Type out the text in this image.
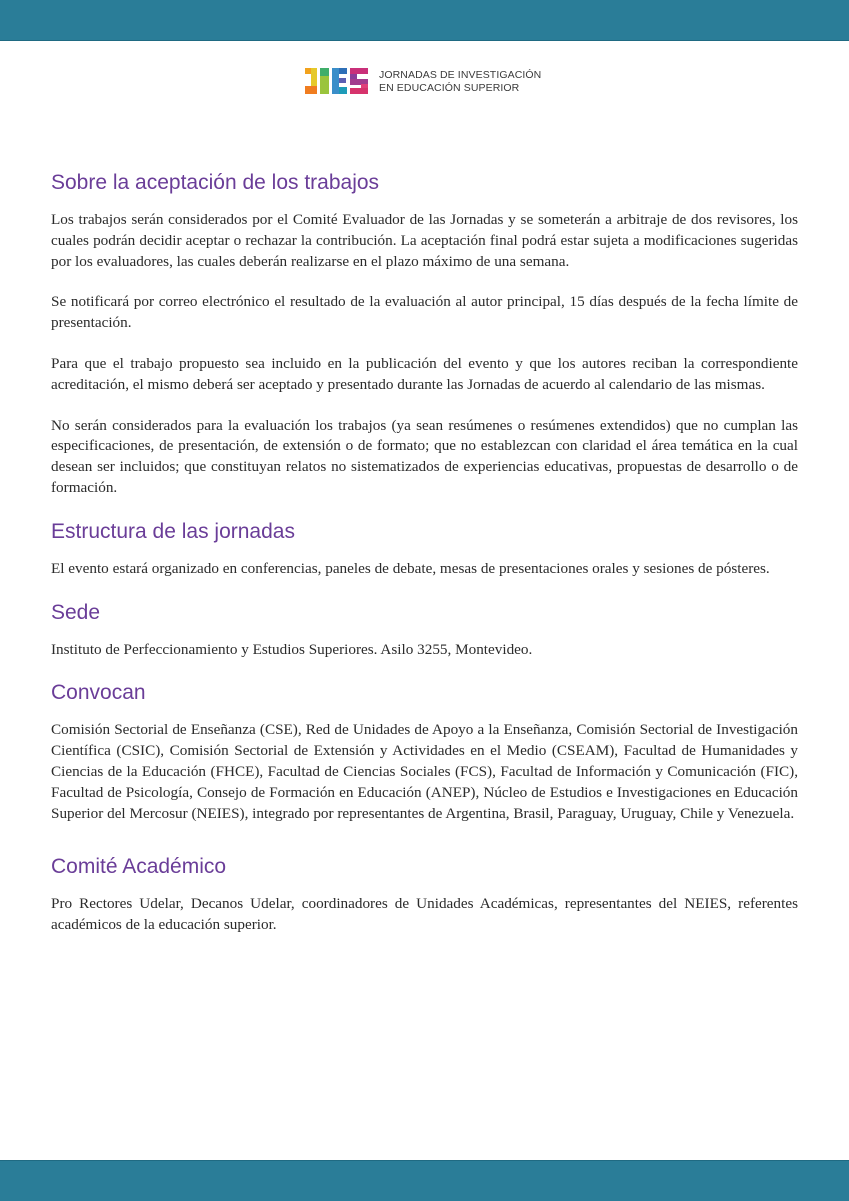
JORNADAS DE INVESTIGACIÓN
EN EDUCACIÓN SUPERIOR
Sobre la aceptación de los trabajos

Los trabajos serán considerados por el Comité Evaluador de las Jornadas y se someterán a arbitraje de dos revisores, los cuales podrán decidir aceptar o rechazar la contribución. La aceptación final podrá estar sujeta a modificaciones sugeridas por los evaluadores, las cuales deberán realizarse en el plazo máximo de una semana.

Se notificará por correo electrónico el resultado de la evaluación al autor principal, 15 días después de la fecha límite de presentación.

Para que el trabajo propuesto sea incluido en la publicación del evento y que los autores reciban la correspondiente acreditación, el mismo deberá ser aceptado y presentado durante las Jornadas de acuerdo al calendario de las mismas.

No serán considerados para la evaluación los trabajos (ya sean resúmenes o resúmenes extendidos) que no cumplan las especificaciones, de presentación, de extensión o de formato; que no establezcan con claridad el área temática en la cual desean ser incluidos; que constituyan relatos no sistematizados de experiencias educativas, propuestas de desarrollo o de formación.

Estructura de las jornadas

El evento estará organizado en conferencias, paneles de debate, mesas de presentaciones orales y sesiones de pósteres.

Sede

Instituto de Perfeccionamiento y Estudios Superiores. Asilo 3255, Montevideo.

Convocan

Comisión Sectorial de Enseñanza (CSE), Red de Unidades de Apoyo a la Enseñanza, Comisión Sectorial de Investigación Científica (CSIC), Comisión Sectorial de Extensión y Actividades en el Medio (CSEAM), Facultad de Humanidades y Ciencias de la Educación (FHCE), Facultad de Ciencias Sociales (FCS), Facultad de Información y Comunicación (FIC), Facultad de Psicología, Consejo de Formación en Educación (ANEP), Núcleo de Estudios e Investigaciones en Educación Superior del Mercosur (NEIES), integrado por representantes de Argentina, Brasil, Paraguay, Uruguay, Chile y Venezuela.

Comité Académico

Pro Rectores Udelar, Decanos Udelar, coordinadores de Unidades Académicas, representantes del NEIES, referentes académicos de la educación superior.
